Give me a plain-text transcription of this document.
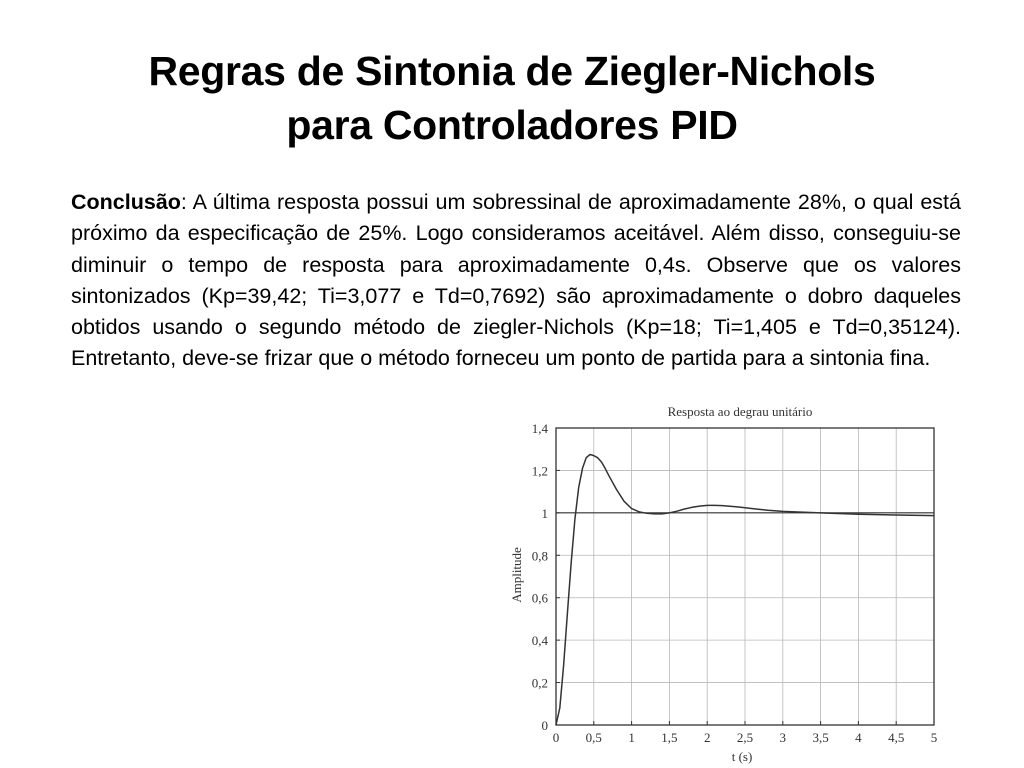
Regras de Sintonia de Ziegler-Nichols
para Controladores PID
Conclusão: A última resposta possui um sobressinal de aproximadamente 28%, o qual está próximo da especificação de 25%. Logo consideramos aceitável. Além disso, conseguiu-se diminuir o tempo de resposta para aproximadamente 0,4s. Observe que os valores sintonizados (Kp=39,42; Ti=3,077 e Td=0,7692) são aproximadamente o dobro daqueles obtidos usando o segundo método de ziegler-Nichols (Kp=18; Ti=1,405 e Td=0,35124). Entretanto, deve-se frizar que o método forneceu um ponto de partida para a sintonia fina.
Resposta ao degrau unitário
Amplitude
t (s)
0 0,5 1 1,5 2 2,5 3 3,5 4 4,5 5
0
0,2
0,4
0,6
0,8
1
1,2
1,4
